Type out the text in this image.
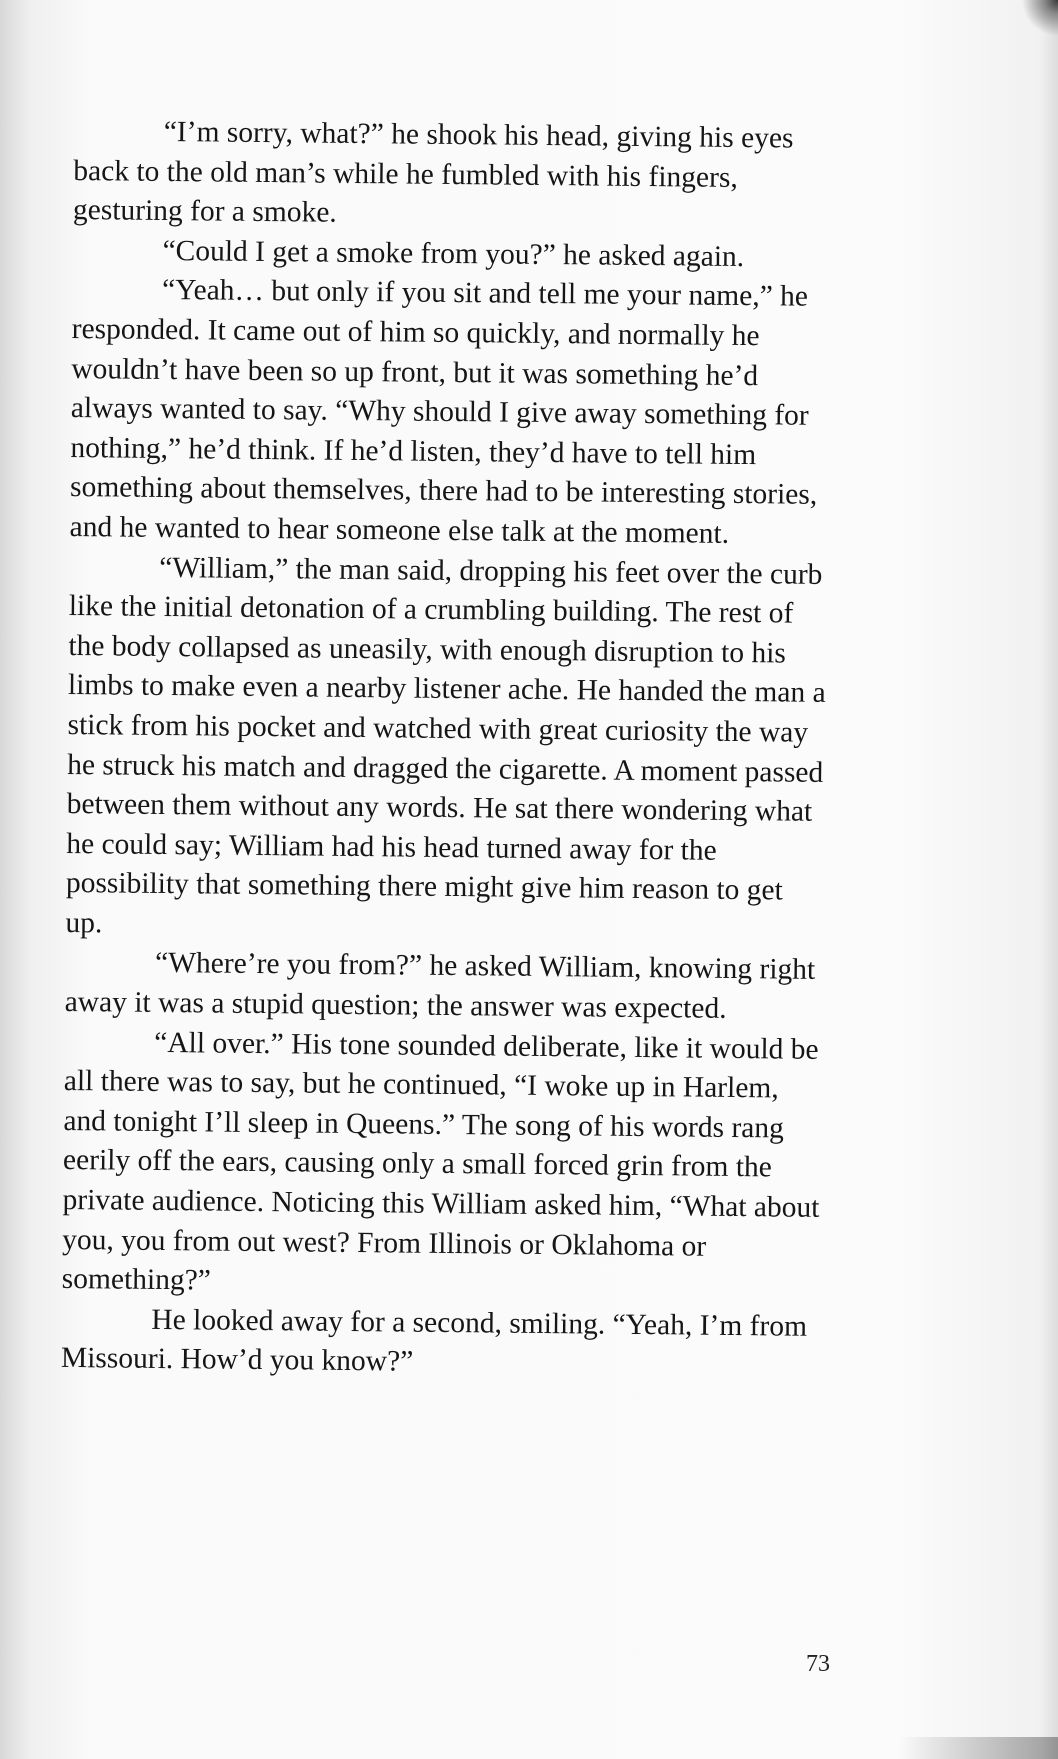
“I’m sorry, what?” he shook his head, giving his eyes back to the old man’s while he fumbled with his fingers, gesturing for a smoke.

“Could I get a smoke from you?” he asked again.

“Yeah… but only if you sit and tell me your name,” he responded. It came out of him so quickly, and normally he wouldn’t have been so up front, but it was something he’d always wanted to say. “Why should I give away something for nothing,” he’d think. If he’d listen, they’d have to tell him something about themselves, there had to be interesting stories, and he wanted to hear someone else talk at the moment.

“William,” the man said, dropping his feet over the curb like the initial detonation of a crumbling building. The rest of the body collapsed as uneasily, with enough disruption to his limbs to make even a nearby listener ache. He handed the man a stick from his pocket and watched with great curiosity the way he struck his match and dragged the cigarette. A moment passed between them without any words. He sat there wondering what he could say; William had his head turned away for the possibility that something there might give him reason to get up.

“Where’re you from?” he asked William, knowing right away it was a stupid question; the answer was expected.

“All over.” His tone sounded deliberate, like it would be all there was to say, but he continued, “I woke up in Harlem, and tonight I’ll sleep in Queens.” The song of his words rang eerily off the ears, causing only a small forced grin from the private audience. Noticing this William asked him, “What about you, you from out west? From Illinois or Oklahoma or something?”

He looked away for a second, smiling. “Yeah, I’m from Missouri. How’d you know?”

73
